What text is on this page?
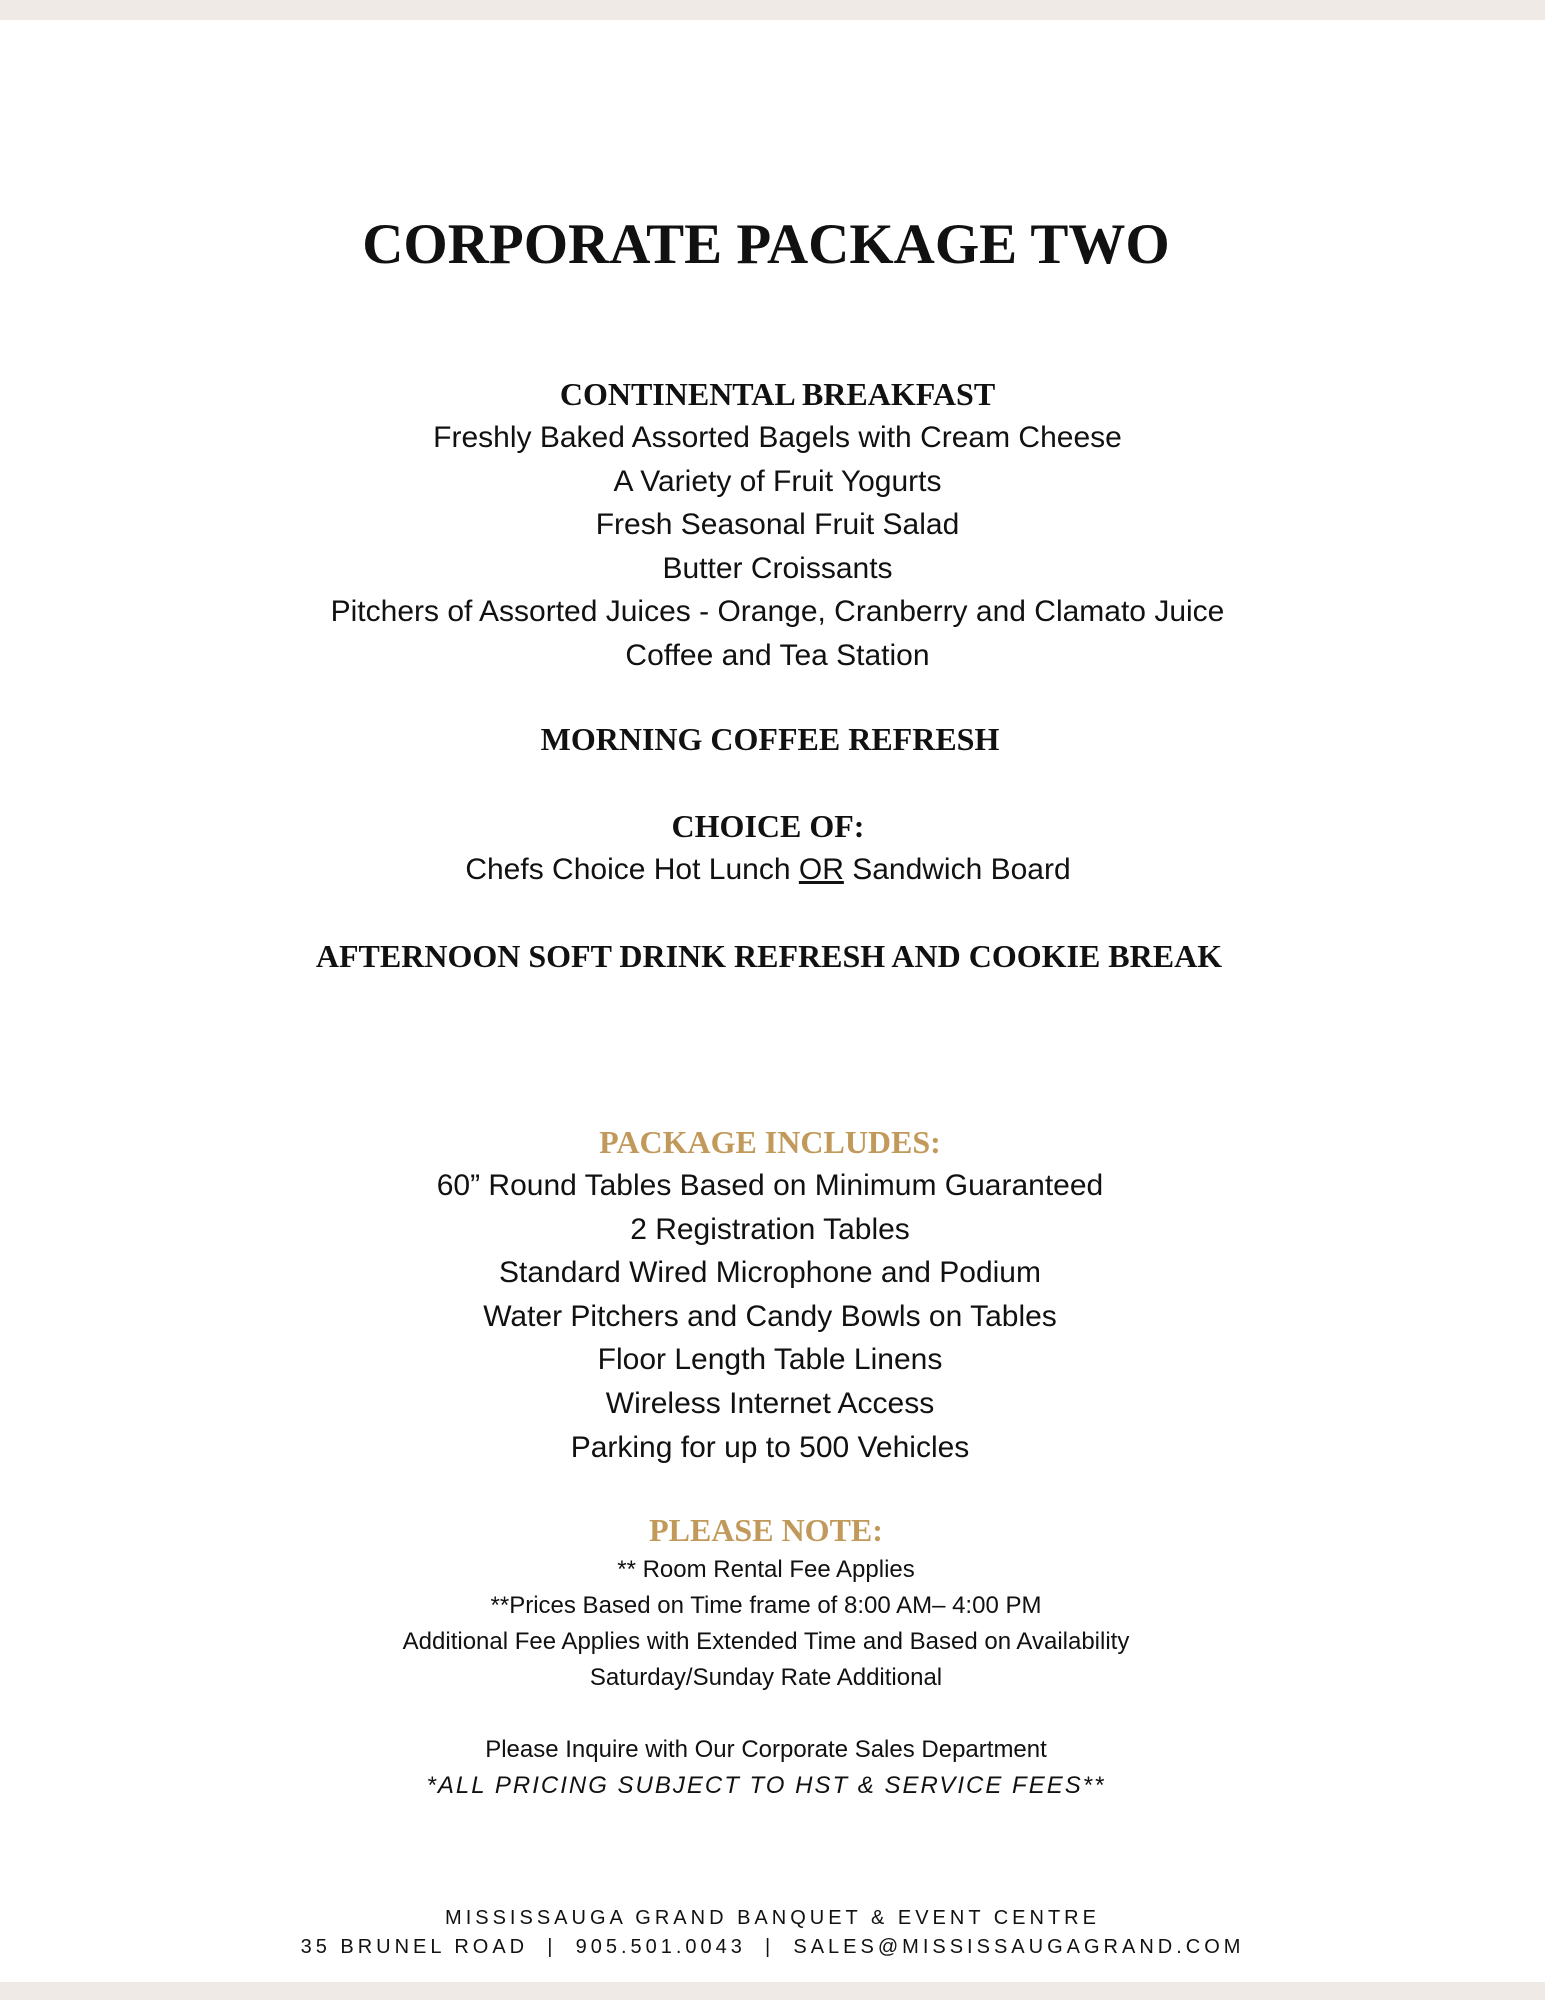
CORPORATE PACKAGE TWO
CONTINENTAL BREAKFAST
Freshly Baked Assorted Bagels with Cream Cheese
A Variety of Fruit Yogurts
Fresh Seasonal Fruit Salad
Butter Croissants
Pitchers of Assorted Juices - Orange, Cranberry and Clamato Juice
Coffee and Tea Station
MORNING COFFEE REFRESH
CHOICE OF:
Chefs Choice Hot Lunch OR Sandwich Board
AFTERNOON SOFT DRINK REFRESH AND COOKIE BREAK
PACKAGE INCLUDES:
60” Round Tables Based on Minimum Guaranteed
2 Registration Tables
Standard Wired Microphone and Podium
Water Pitchers and Candy Bowls on Tables
Floor Length Table Linens
Wireless Internet Access
Parking for up to 500 Vehicles
PLEASE NOTE:
** Room Rental Fee Applies
**Prices Based on Time frame of 8:00 AM– 4:00 PM
Additional Fee Applies with Extended Time and Based on Availability
Saturday/Sunday Rate Additional
Please Inquire with Our Corporate Sales Department
*ALL PRICING SUBJECT TO HST & SERVICE FEES**
MISSISSAUGA GRAND BANQUET & EVENT CENTRE
35 BRUNEL ROAD | 905.501.0043 | SALES@MISSISSAUGAGRAND.COM
